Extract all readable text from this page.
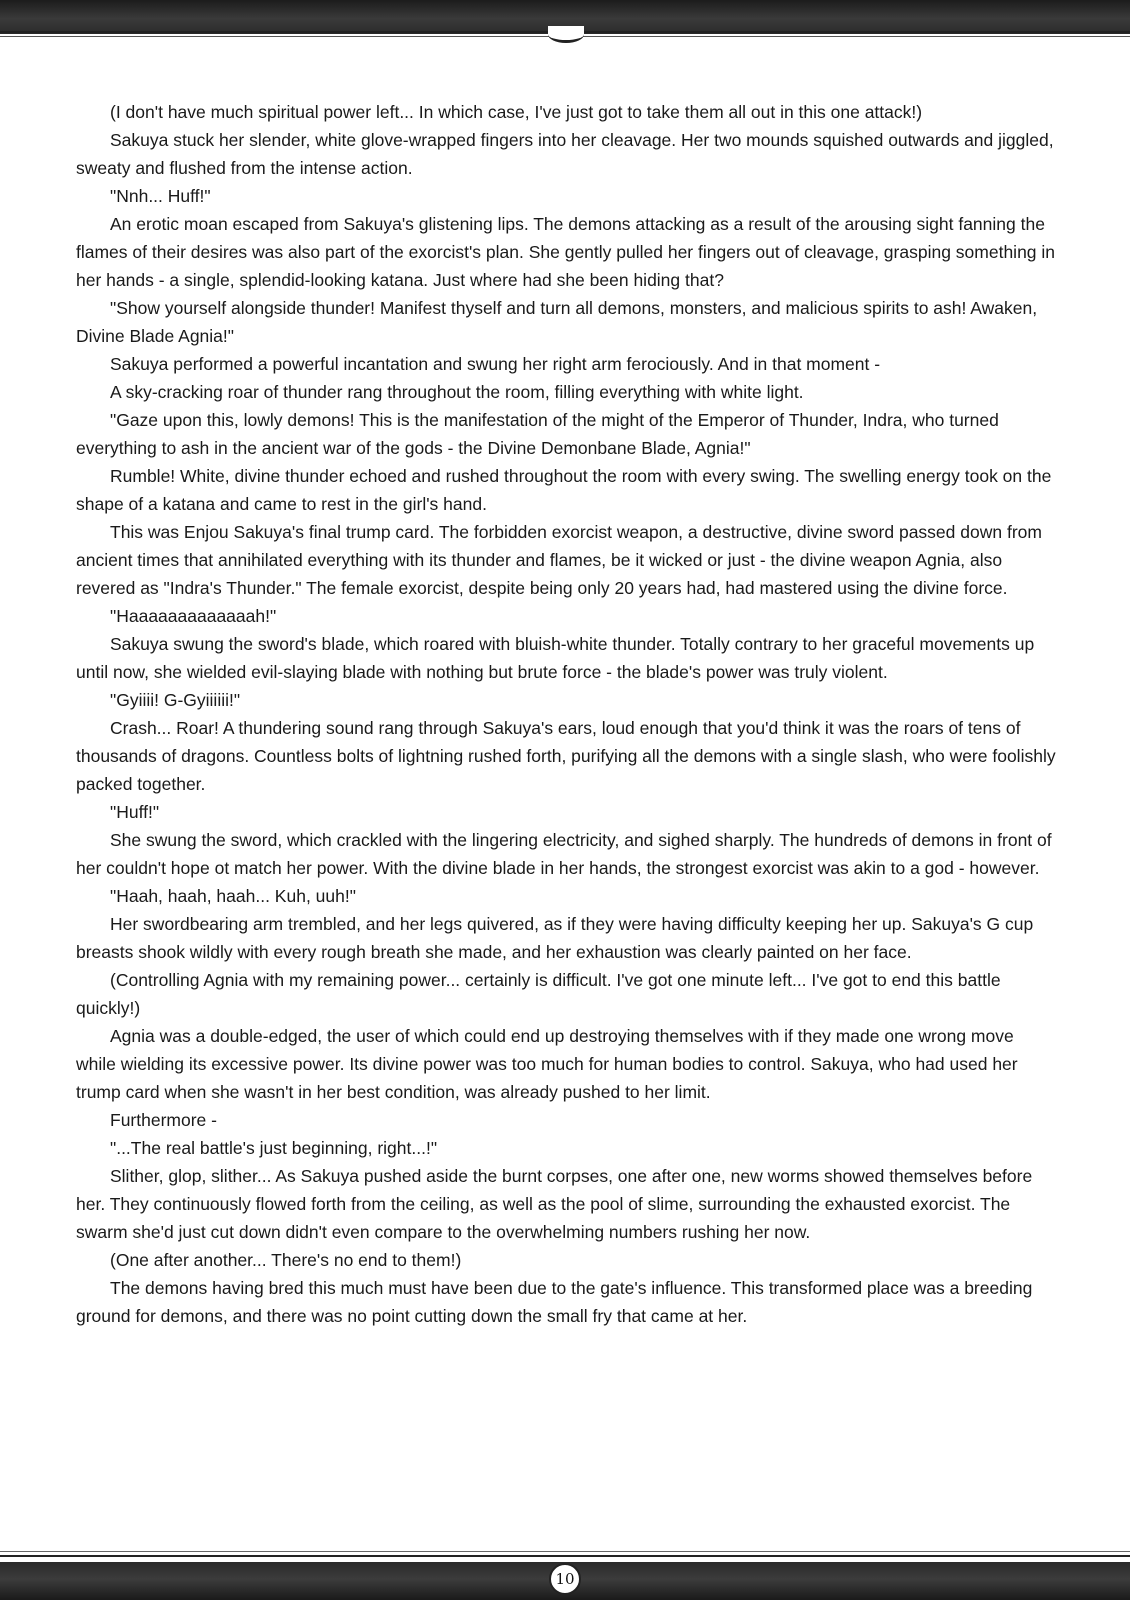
(I don't have much spiritual power left... In which case, I've just got to take them all out in this one attack!)

Sakuya stuck her slender, white glove-wrapped fingers into her cleavage. Her two mounds squished outwards and jiggled, sweaty and flushed from the intense action.

"Nnh... Huff!"

An erotic moan escaped from Sakuya's glistening lips. The demons attacking as a result of the arousing sight fanning the flames of their desires was also part of the exorcist's plan. She gently pulled her fingers out of cleavage, grasping something in her hands - a single, splendid-looking katana. Just where had she been hiding that?

"Show yourself alongside thunder! Manifest thyself and turn all demons, monsters, and malicious spirits to ash! Awaken, Divine Blade Agnia!"

Sakuya performed a powerful incantation and swung her right arm ferociously. And in that moment -

A sky-cracking roar of thunder rang throughout the room, filling everything with white light.

"Gaze upon this, lowly demons! This is the manifestation of the might of the Emperor of Thunder, Indra, who turned everything to ash in the ancient war of the gods - the Divine Demonbane Blade, Agnia!"

Rumble! White, divine thunder echoed and rushed throughout the room with every swing. The swelling energy took on the shape of a katana and came to rest in the girl's hand.

This was Enjou Sakuya's final trump card. The forbidden exorcist weapon, a destructive, divine sword passed down from ancient times that annihilated everything with its thunder and flames, be it wicked or just - the divine weapon Agnia, also revered as "Indra's Thunder." The female exorcist, despite being only 20 years had, had mastered using the divine force.

"Haaaaaaaaaaaaah!"

Sakuya swung the sword's blade, which roared with bluish-white thunder. Totally contrary to her graceful movements up until now, she wielded evil-slaying blade with nothing but brute force - the blade's power was truly violent.

"Gyiiii! G-Gyiiiiii!"

Crash... Roar! A thundering sound rang through Sakuya's ears, loud enough that you'd think it was the roars of tens of thousands of dragons. Countless bolts of lightning rushed forth, purifying all the demons with a single slash, who were foolishly packed together.

"Huff!"

She swung the sword, which crackled with the lingering electricity, and sighed sharply. The hundreds of demons in front of her couldn't hope ot match her power. With the divine blade in her hands, the strongest exorcist was akin to a god - however.

"Haah, haah, haah... Kuh, uuh!"

Her swordbearing arm trembled, and her legs quivered, as if they were having difficulty keeping her up. Sakuya's G cup breasts shook wildly with every rough breath she made, and her exhaustion was clearly painted on her face.

(Controlling Agnia with my remaining power... certainly is difficult. I've got one minute left... I've got to end this battle quickly!)

Agnia was a double-edged, the user of which could end up destroying themselves with if they made one wrong move while wielding its excessive power. Its divine power was too much for human bodies to control. Sakuya, who had used her trump card when she wasn't in her best condition, was already pushed to her limit.

Furthermore -

"...The real battle's just beginning, right...!"

Slither, glop, slither... As Sakuya pushed aside the burnt corpses, one after one, new worms showed themselves before her. They continuously flowed forth from the ceiling, as well as the pool of slime, surrounding the exhausted exorcist. The swarm she'd just cut down didn't even compare to the overwhelming numbers rushing her now.

(One after another... There's no end to them!)

The demons having bred this much must have been due to the gate's influence. This transformed place was a breeding ground for demons, and there was no point cutting down the small fry that came at her.

10
